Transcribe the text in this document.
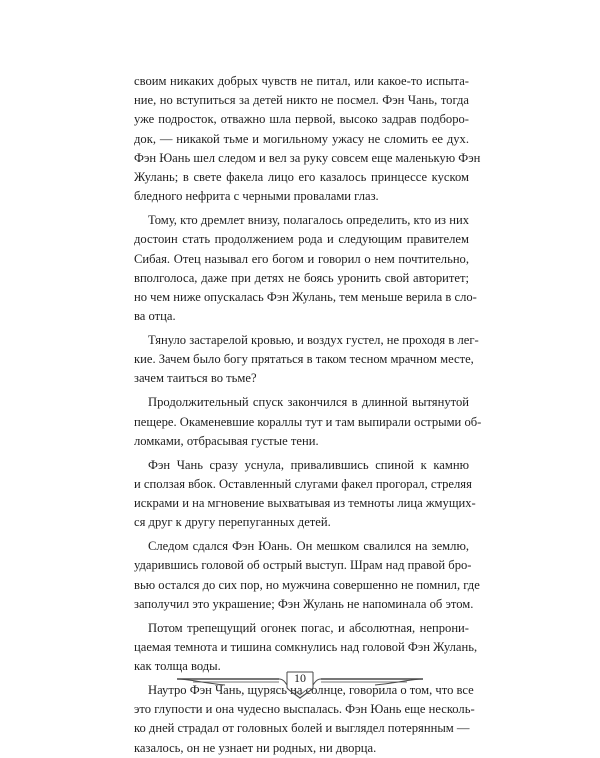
своим никаких добрых чувств не питал, или какое-то испыта-
ние, но вступиться за детей никто не посмел. Фэн Чань, тогда
уже подросток, отважно шла первой, высоко задрав подборо-
док, — никакой тьме и могильному ужасу не сломить ее дух.
Фэн Юань шел следом и вел за руку совсем еще маленькую Фэн
Жулань; в свете факела лицо его казалось принцессе куском
бледного нефрита с черными провалами глаз.
Тому, кто дремлет внизу, полагалось определить, кто из них
достоин стать продолжением рода и следующим правителем
Сибая. Отец называл его богом и говорил о нем почтительно,
вполголоса, даже при детях не боясь уронить свой авторитет;
но чем ниже опускалась Фэн Жулань, тем меньше верила в сло-
ва отца.
Тянуло застарелой кровью, и воздух густел, не проходя в лег-
кие. Зачем было богу прятаться в таком тесном мрачном месте,
зачем таиться во тьме?
Продолжительный спуск закончился в длинной вытянутой
пещере. Окаменевшие кораллы тут и там выпирали острыми об-
ломками, отбрасывая густые тени.
Фэн Чань сразу уснула, привалившись спиной к камню
и сползая вбок. Оставленный слугами факел прогорал, стреляя
искрами и на мгновение выхватывая из темноты лица жмущих-
ся друг к другу перепуганных детей.
Следом сдался Фэн Юань. Он мешком свалился на землю,
ударившись головой об острый выступ. Шрам над правой бро-
вью остался до сих пор, но мужчина совершенно не помнил, где
заполучил это украшение; Фэн Жулань не напоминала об этом.
Потом трепещущий огонек погас, и абсолютная, непрони-
цаемая темнота и тишина сомкнулись над головой Фэн Жулань,
как толща воды.
Наутро Фэн Чань, щурясь на солнце, говорила о том, что все
это глупости и она чудесно выспалась. Фэн Юань еще несколь-
ко дней страдал от головных болей и выглядел потерянным —
казалось, он не узнает ни родных, ни дворца.
10
